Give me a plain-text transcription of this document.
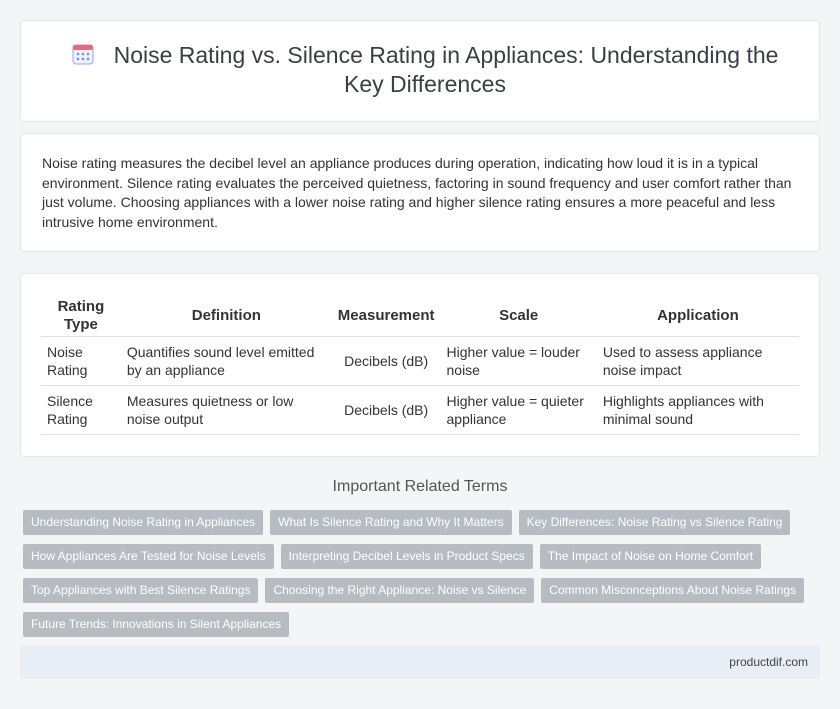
Noise Rating vs. Silence Rating in Appliances: Understanding the Key Differences

Noise rating measures the decibel level an appliance produces during operation, indicating how loud it is in a typical environment. Silence rating evaluates the perceived quietness, factoring in sound frequency and user comfort rather than just volume. Choosing appliances with a lower noise rating and higher silence rating ensures a more peaceful and less intrusive home environment.

Rating Type	Definition	Measurement	Scale	Application
Noise Rating	Quantifies sound level emitted by an appliance	Decibels (dB)	Higher value = louder noise	Used to assess appliance noise impact
Silence Rating	Measures quietness or low noise output	Decibels (dB)	Higher value = quieter appliance	Highlights appliances with minimal sound
Important Related Terms
Understanding Noise Rating in Appliances	What Is Silence Rating and Why It Matters	Key Differences: Noise Rating vs Silence Rating
How Appliances Are Tested for Noise Levels	Interpreting Decibel Levels in Product Specs	The Impact of Noise on Home Comfort
Top Appliances with Best Silence Ratings	Choosing the Right Appliance: Noise vs Silence	Common Misconceptions About Noise Ratings
Future Trends: Innovations in Silent Appliances
productdif.com
